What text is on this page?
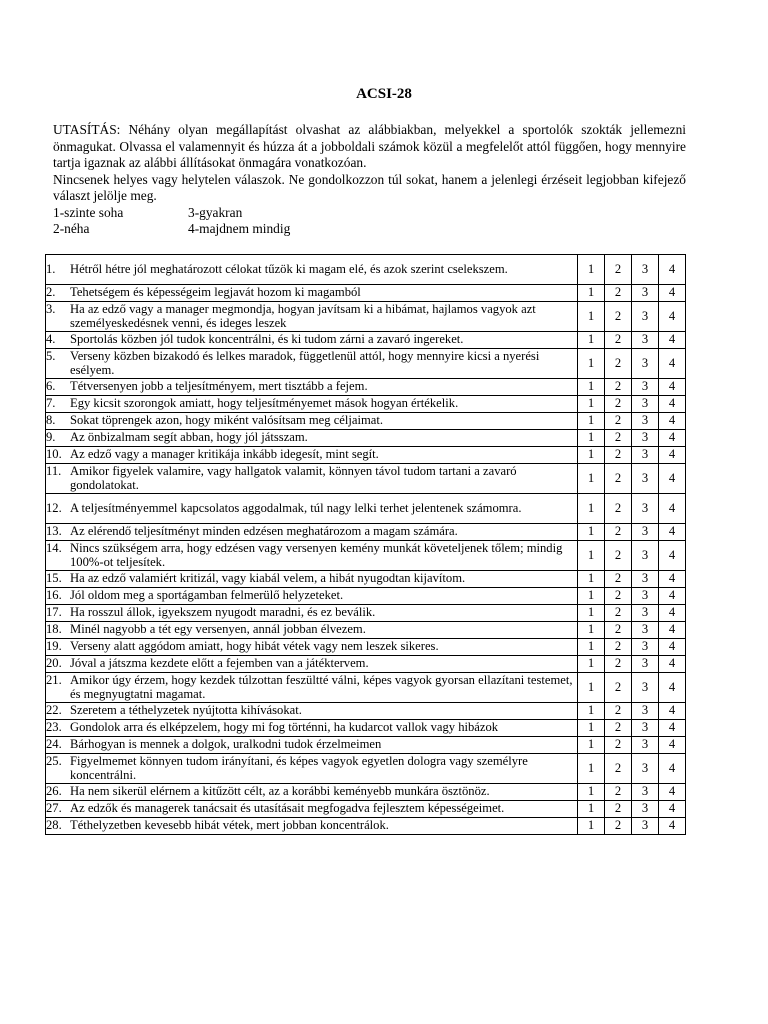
ACSI-28

UTASÍTÁS: Néhány olyan megállapítást olvashat az alábbiakban, melyekkel a sportolók szokták jellemezni önmagukat. Olvassa el valamennyit és húzza át a jobboldali számok közül a megfelelőt attól függően, hogy mennyire tartja igaznak az alábbi állításokat önmagára vonatkozóan.

Nincsenek helyes vagy helytelen válaszok. Ne gondolkozzon túl sokat, hanem a jelenlegi érzéseit legjobban kifejező választ jelölje meg.

1-szinte soha	3-gyakran
2-néha	4-majdnem mindig
1. Hétről hétre jól meghatározott célokat tűzök ki magam elé, és azok szerint cselekszem.	1	2	3	4

2. Tehetségem és képességeim legjavát hozom ki magamból	1	2	3	4

3. Ha az edző vagy a manager megmondja, hogyan javítsam ki a hibámat, hajlamos vagyok azt személyeskedésnek venni, és ideges leszek	1	2	3	4

4. Sportolás közben jól tudok koncentrálni, és ki tudom zárni a zavaró ingereket.	1	2	3	4

5. Verseny közben bizakodó és lelkes maradok, függetlenül attól, hogy mennyire kicsi a nyerési esélyem.	1	2	3	4

6. Tétversenyen jobb a teljesítményem, mert tisztább a fejem.	1	2	3	4

7. Egy kicsit szorongok amiatt, hogy teljesítményemet mások hogyan értékelik.	1	2	3	4

8. Sokat töprengek azon, hogy miként valósítsam meg céljaimat.	1	2	3	4

9. Az önbizalmam segít abban, hogy jól játsszam.	1	2	3	4

10. Az edző vagy a manager kritikája inkább idegesít, mint segít.	1	2	3	4

11. Amikor figyelek valamire, vagy hallgatok valamit, könnyen távol tudom tartani a zavaró gondolatokat.	1	2	3	4

12. A teljesítményemmel kapcsolatos aggodalmak, túl nagy lelki terhet jelentenek számomra.	1	2	3	4

13. Az elérendő teljesítményt minden edzésen meghatározom a magam számára.	1	2	3	4

14. Nincs szükségem arra, hogy edzésen vagy versenyen kemény munkát követeljenek tőlem; mindig 100%-ot teljesítek.	1	2	3	4

15. Ha az edző valamiért kritizál, vagy kiabál velem, a hibát nyugodtan kijavítom.	1	2	3	4

16. Jól oldom meg a sportágamban felmerülő helyzeteket.	1	2	3	4

17. Ha rosszul állok, igyekszem nyugodt maradni, és ez beválik.	1	2	3	4

18. Minél nagyobb a tét egy versenyen, annál jobban élvezem.	1	2	3	4

19. Verseny alatt aggódom amiatt, hogy hibát vétek vagy nem leszek sikeres.	1	2	3	4

20. Jóval a játszma kezdete előtt a fejemben van a játéktervem.	1	2	3	4

21. Amikor úgy érzem, hogy kezdek túlzottan feszültté válni, képes vagyok gyorsan ellazítani testemet, és megnyugtatni magamat.	1	2	3	4

22. Szeretem a téthelyzetek nyújtotta kihívásokat.	1	2	3	4

23. Gondolok arra és elképzelem, hogy mi fog történni, ha kudarcot vallok vagy hibázok	1	2	3	4

24. Bárhogyan is mennek a dolgok, uralkodni tudok érzelmeimen	1	2	3	4

25. Figyelmemet könnyen tudom irányítani, és képes vagyok egyetlen dologra vagy személyre koncentrálni.	1	2	3	4

26. Ha nem sikerül elérnem a kitűzött célt, az a korábbi keményebb munkára ösztönöz.	1	2	3	4

27. Az edzők és managerek tanácsait és utasításait megfogadva fejlesztem képességeimet.	1	2	3	4

28. Téthelyzetben kevesebb hibát vétek, mert jobban koncentrálok.	1	2	3	4
